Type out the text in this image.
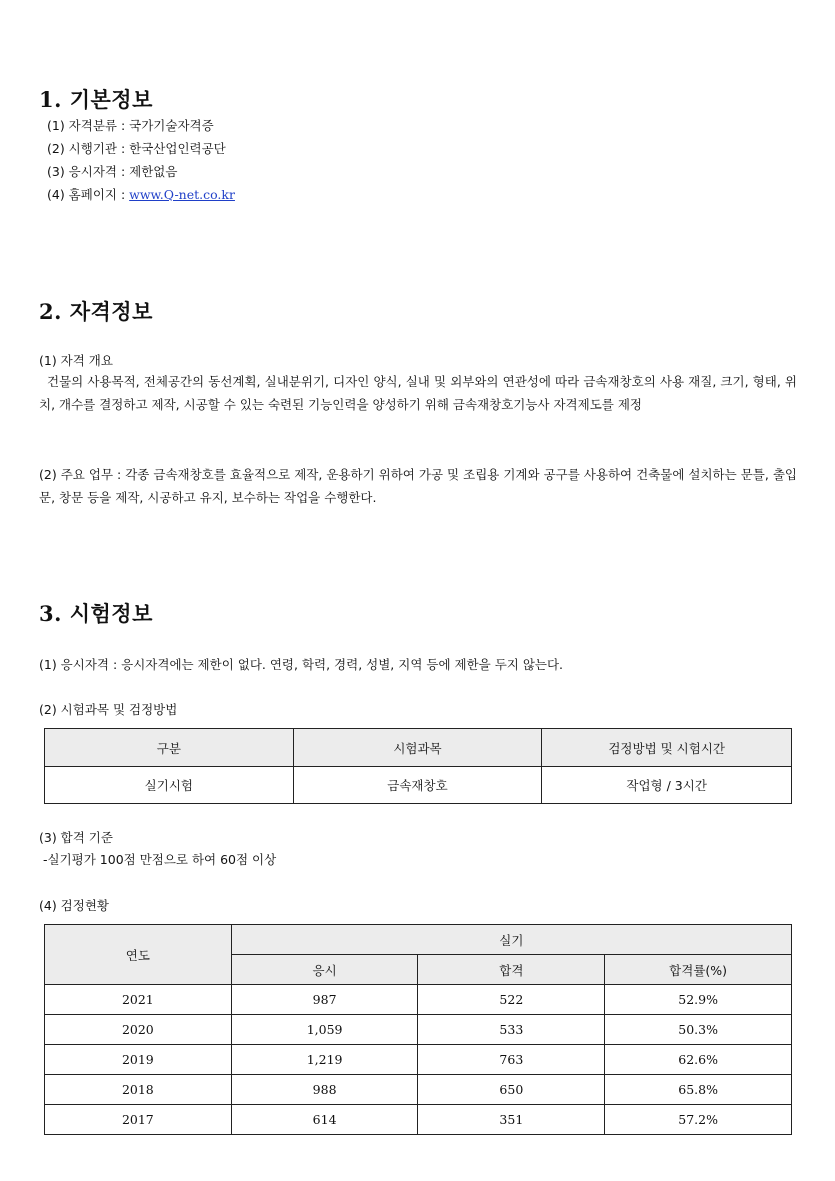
1. 기본정보
(1) 자격분류 : 국가기술자격증
(2) 시행기관 : 한국산업인력공단
(3) 응시자격 : 제한없음
(4) 홈페이지 : www.Q-net.co.kr
2. 자격정보
(1) 자격 개요

건물의 사용목적, 전체공간의 동선계획, 실내분위기, 디자인 양식, 실내 및 외부와의 연관성에 따라 금속재창호의 사용 재질, 크기, 형태, 위치, 개수를 결정하고 제작, 시공할 수 있는 숙련된 기능인력을 양성하기 위해 금속재창호기능사 자격제도를 제정

(2) 주요 업무 : 각종 금속재창호를 효율적으로 제작, 운용하기 위하여 가공 및 조립용 기계와 공구를 사용하여 건축물에 설치하는 문틀, 출입문, 창문 등을 제작, 시공하고 유지, 보수하는 작업을 수행한다.

3. 시험정보
(1) 응시자격 : 응시자격에는 제한이 없다. 연령, 학력, 경력, 성별, 지역 등에 제한을 두지 않는다.
(2) 시험과목 및 검정방법
구분	시험과목	검정방법 및 시험시간
실기시험	금속재창호	작업형 / 3시간
(3) 합격 기준
-실기평가 100점 만점으로 하여 60점 이상
(4) 검정현황
연도	실기		
	응시	합격	합격률(%)
2021	987	522	52.9%
2020	1,059	533	50.3%
2019	1,219	763	62.6%
2018	988	650	65.8%
2017	614	351	57.2%
